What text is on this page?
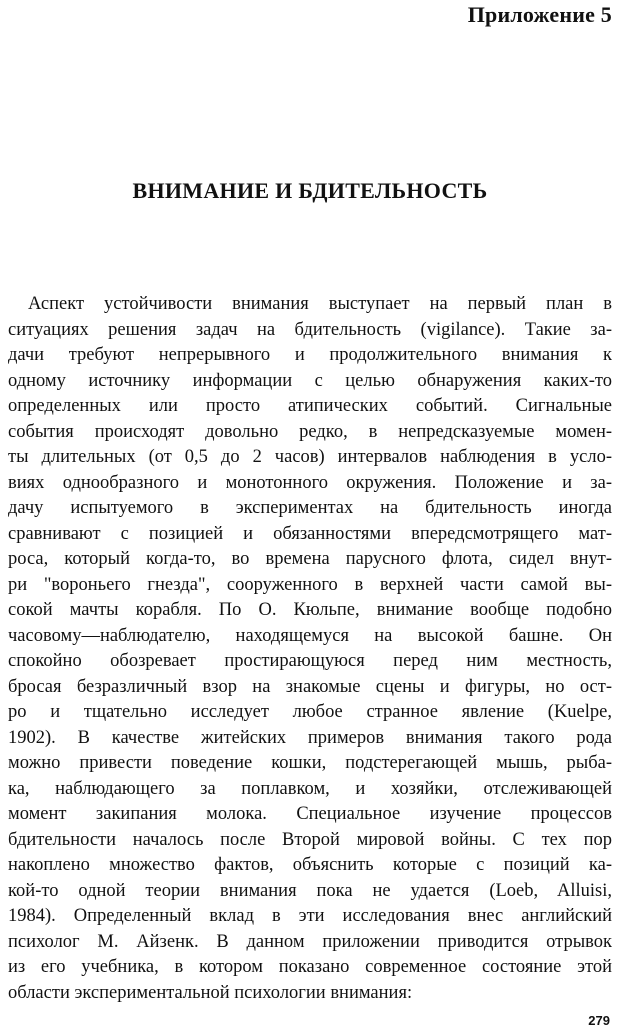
Приложение 5
ВНИМАНИЕ И БДИТЕЛЬНОСТЬ
Аспект устойчивости внимания выступает на первый план в
ситуациях решения задач на бдительность (vigilance). Такие за-
дачи требуют непрерывного и продолжительного внимания к
одному источнику информации с целью обнаружения каких-то
определенных или просто атипических событий. Сигнальные
события происходят довольно редко, в непредсказуемые момен-
ты длительных (от 0,5 до 2 часов) интервалов наблюдения в усло-
виях однообразного и монотонного окружения. Положение и за-
дачу испытуемого в экспериментах на бдительность иногда
сравнивают с позицией и обязанностями впередсмотрящего мат-
роса, который когда-то, во времена парусного флота, сидел внут-
ри "вороньего гнезда", сооруженного в верхней части самой вы-
сокой мачты корабля. По О. Кюльпе, внимание вообще подобно
часовому—наблюдателю, находящемуся на высокой башне. Он
спокойно обозревает простирающуюся перед ним местность,
бросая безразличный взор на знакомые сцены и фигуры, но ост-
ро и тщательно исследует любое странное явление (Kuelpe,
1902). В качестве житейских примеров внимания такого рода
можно привести поведение кошки, подстерегающей мышь, рыба-
ка, наблюдающего за поплавком, и хозяйки, отслеживающей
момент закипания молока. Специальное изучение процессов
бдительности началось после Второй мировой войны. С тех пор
накоплено множество фактов, объяснить которые с позиций ка-
кой-то одной теории внимания пока не удается (Loeb, Alluisi,
1984). Определенный вклад в эти исследования внес английский
психолог М. Айзенк. В данном приложении приводится отрывок
из его учебника, в котором показано современное состояние этой
области экспериментальной психологии внимания:
279
